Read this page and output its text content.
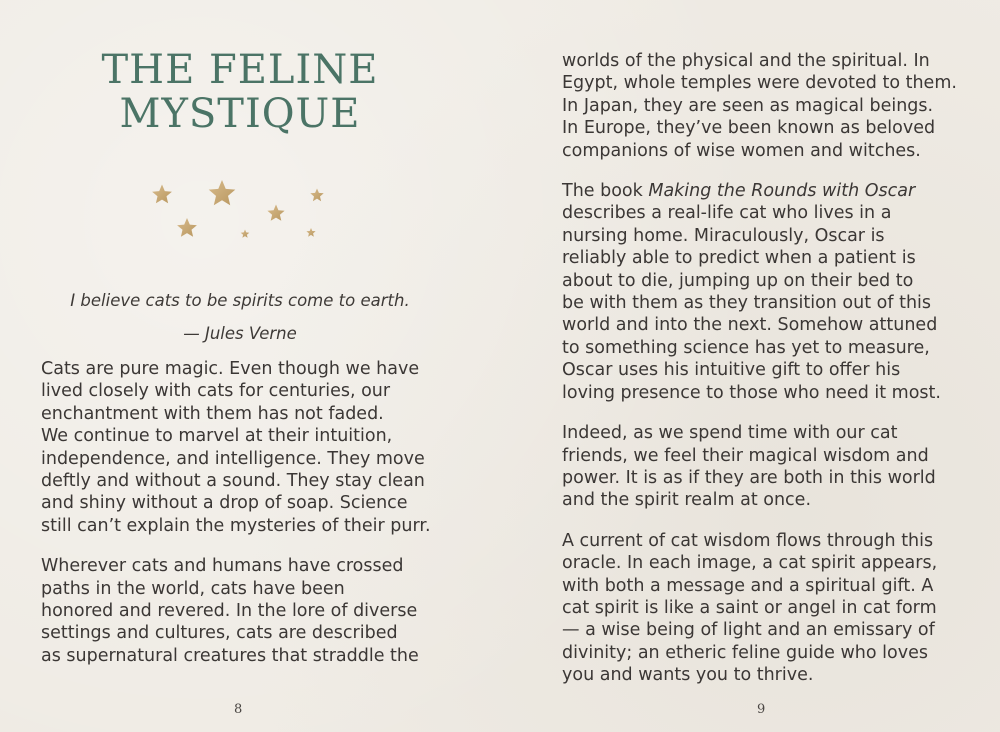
THE FELINE
MYSTIQUE
I believe cats to be spirits come to earth.
— Jules Verne

Cats are pure magic. Even though we have

lived closely with cats for centuries, our

enchantment with them has not faded.

We continue to marvel at their intuition,

independence, and intelligence. They move

deftly and without a sound. They stay clean

and shiny without a drop of soap. Science

still can’t explain the mysteries of their purr.

Wherever cats and humans have crossed

paths in the world, cats have been

honored and revered. In the lore of diverse

settings and cultures, cats are described

as supernatural creatures that straddle the

8

worlds of the physical and the spiritual. In

Egypt, whole temples were devoted to them.

In Japan, they are seen as magical beings.

In Europe, they’ve been known as beloved

companions of wise women and witches.

The book Making the Rounds with Oscar

describes a real-life cat who lives in a

nursing home. Miraculously, Oscar is

reliably able to predict when a patient is

about to die, jumping up on their bed to

be with them as they transition out of this

world and into the next. Somehow attuned

to something science has yet to measure,

Oscar uses his intuitive gift to offer his

loving presence to those who need it most.

Indeed, as we spend time with our cat

friends, we feel their magical wisdom and

power. It is as if they are both in this world

and the spirit realm at once.

A current of cat wisdom flows through this

oracle. In each image, a cat spirit appears,

with both a message and a spiritual gift. A

cat spirit is like a saint or angel in cat form

— a wise being of light and an emissary of

divinity; an etheric feline guide who loves

you and wants you to thrive.

9
